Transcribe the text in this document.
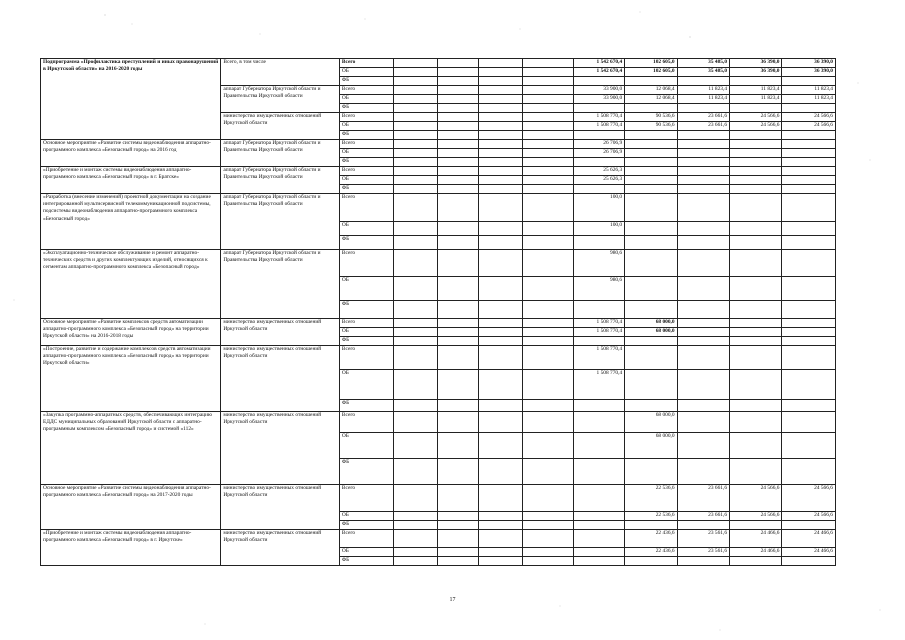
Подпрограмма «Профилактика преступлений и иных правонарушений в Иркутской области» на 2016-2020 годы	Всего, в том числе	Всего					1 542 670,4	102 605,0	35 485,0	36 390,0	36 390,0
		ОБ					1 542 670,4	102 605,0	35 485,0	36 390,0	36 390,0
		ФБ									
	аппарат Губернатора Иркутской области и Правительства Иркутской области	Всего					33 900,0	12 068,4	11 823,4	11 823,4	11 823,4
		ОБ					33 900,0	12 068,4	11 823,4	11 823,4	11 823,4
		ФБ									
	министерство имущественных отношений Иркутской области	Всего					1 508 770,4	90 536,6	23 661,6	24 566,6	24 566,6
		ОБ					1 508 770,4	90 536,6	23 661,6	24 566,6	24 566,6
		ФБ									
Основное мероприятие «Развитие системы видеонаблюдения аппаратно-программного комплекса «Безопасный город» на 2016 год	аппарат Губернатора Иркутской области и Правительства Иркутской области	Всего					26 706,9				
		ОБ					26 706,9				
		ФБ									
«Приобретение и монтаж системы видеонаблюдения аппаратно-программного комплекса «Безопасный город» в г. Братске»	аппарат Губернатора Иркутской области и Правительства Иркутской области	Всего					25 626,3				
		ОБ					25 626,3				
		ФБ									
«Разработка (внесение изменений) проектной документации на создание интегрированной мультисервисной телекоммуникационной подсистемы, подсистемы видеонаблюдения аппаратно-программного комплекса «Безопасный город»	аппарат Губернатора Иркутской области и Правительства Иркутской области	Всего					100,0				
		ОБ					100,0				
		ФБ									
«Эксплуатационно-техническое обслуживание и ремонт аппаратно-технических средств и других комплектующих изделий, относящихся к сегментам аппаратно-программного комплекса «Безопасный город»	аппарат Губернатора Иркутской области и Правительства Иркутской области	Всего					980,6				
		ОБ					980,6				
		ФБ									
Основное мероприятие «Развитие комплексов средств автоматизации аппаратно-программного комплекса «Безопасный город» на территории Иркутской области» на 2016-2018 годы	министерство имущественных отношений Иркутской области	Всего					1 508 770,4	68 000,0			
		ОБ					1 508 770,4	68 000,0			
		ФБ									
«Построение, развитие и содержание комплексов средств автоматизации аппаратно-программного комплекса «Безопасный город» на территории Иркутской области»	министерство имущественных отношений Иркутской области	Всего					1 508 770,4				
		ОБ					1 508 770,4				
		ФБ									
«Закупка программно-аппаратных средств, обеспечивающих интеграцию ЕДДС муниципальных образований Иркутской области с аппаратно-программным комплексом «Безопасный город» и системой «112»	министерство имущественных отношений Иркутской области	Всего						68 000,0			
		ОБ						68 000,0			
		ФБ									
Основное мероприятие «Развитие системы видеонаблюдения аппаратно-программного комплекса «Безопасный город» на 2017-2020 годы	министерство имущественных отношений Иркутской области	Всего						22 536,6	23 661,6	24 566,6	24 566,6
		ОБ						22 536,6	23 661,6	24 566,6	24 566,6
		ФБ									
«Приобретение и монтаж системы видеонаблюдения аппаратно-программного комплекса «Безопасный город» в г. Иркутске»	министерство имущественных отношений Иркутской области	Всего						22 436,6	23 561,6	24 466,6	24 466,6
		ОБ						22 436,6	23 561,6	24 466,6	24 466,6
		ФБ									
17
